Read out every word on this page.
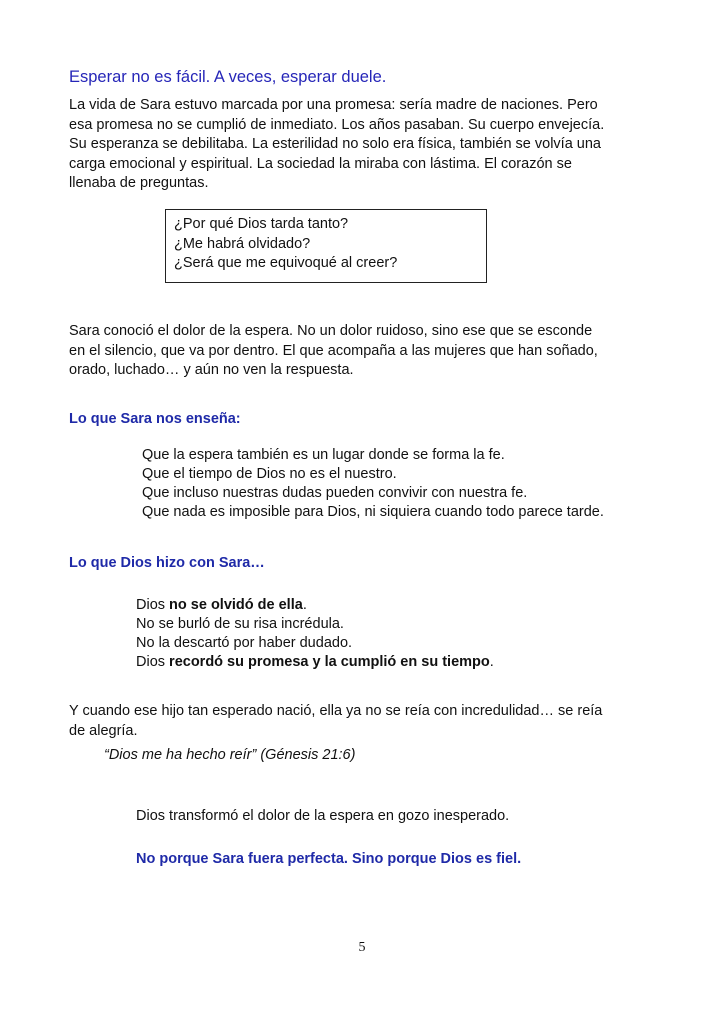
Esperar no es fácil. A veces, esperar duele.

La vida de Sara estuvo marcada por una promesa: sería madre de naciones. Pero
esa promesa no se cumplió de inmediato. Los años pasaban. Su cuerpo envejecía.
Su esperanza se debilitaba. La esterilidad no solo era física, también se volvía una
carga emocional y espiritual. La sociedad la miraba con lástima. El corazón se
llenaba de preguntas.

¿Por qué Dios tarda tanto?
¿Me habrá olvidado?
¿Será que me equivoqué al creer?

Sara conoció el dolor de la espera. No un dolor ruidoso, sino ese que se esconde
en el silencio, que va por dentro. El que acompaña a las mujeres que han soñado,
orado, luchado… y aún no ven la respuesta.

Lo que Sara nos enseña:
Que la espera también es un lugar donde se forma la fe.
Que el tiempo de Dios no es el nuestro.
Que incluso nuestras dudas pueden convivir con nuestra fe.
Que nada es imposible para Dios, ni siquiera cuando todo parece tarde.
Lo que Dios hizo con Sara…
Dios no se olvidó de ella.
No se burló de su risa incrédula.
No la descartó por haber dudado.
Dios recordó su promesa y la cumplió en su tiempo.

Y cuando ese hijo tan esperado nació, ella ya no se reía con incredulidad… se reía
de alegría.

“Dios me ha hecho reír” (Génesis 21:6)

Dios transformó el dolor de la espera en gozo inesperado.

No porque Sara fuera perfecta. Sino porque Dios es fiel.

5
